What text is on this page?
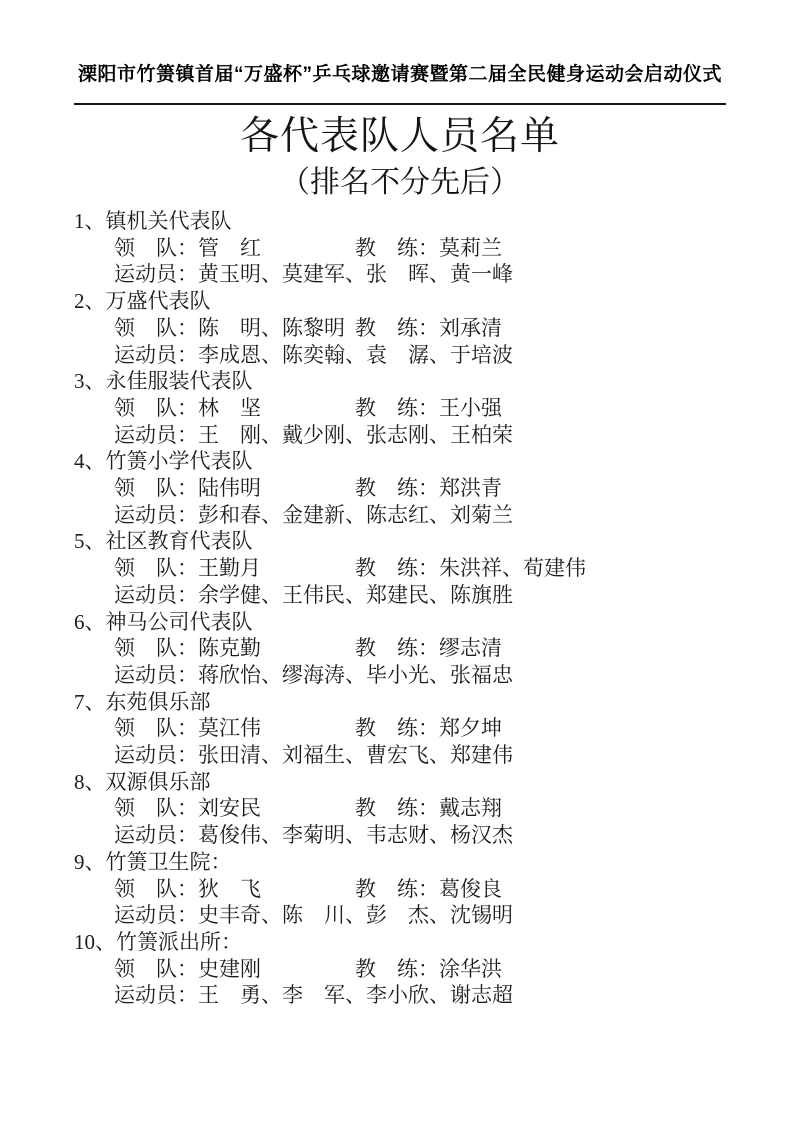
溧阳市竹箦镇首届“万盛杯”乒乓球邀请赛暨第二届全民健身运动会启动仪式
各代表队人员名单
（排名不分先后）
1、镇机关代表队
领　队：管　红	教　练：莫莉兰
运动员：黄玉明、莫建军、张　晖、黄一峰
2、万盛代表队
领　队：陈　明、陈黎明 教　练：刘承清
运动员：李成恩、陈奕翰、袁　潺、于培波
3、永佳服装代表队
领　队：林　坚	教　练：王小强
运动员：王　刚、戴少刚、张志刚、王柏荣
4、竹箦小学代表队
领　队：陆伟明	教　练：郑洪青
运动员：彭和春、金建新、陈志红、刘菊兰
5、社区教育代表队
领　队：王勤月	教　练：朱洪祥、荀建伟
运动员：余学健、王伟民、郑建民、陈旗胜
6、神马公司代表队
领　队：陈克勤	教　练：缪志清
运动员：蒋欣怡、缪海涛、毕小光、张福忠
7、东苑俱乐部
领　队：莫江伟	教　练：郑夕坤
运动员：张田清、刘福生、曹宏飞、郑建伟
8、双源俱乐部
领　队：刘安民	教　练：戴志翔
运动员：葛俊伟、李菊明、韦志财、杨汉杰
9、竹箦卫生院：
领　队：狄　飞	教　练：葛俊良
运动员：史丰奇、陈　川、彭　杰、沈锡明
10、竹箦派出所：
领　队：史建刚	教　练：涂华洪
运动员：王　勇、李　军、李小欣、谢志超
